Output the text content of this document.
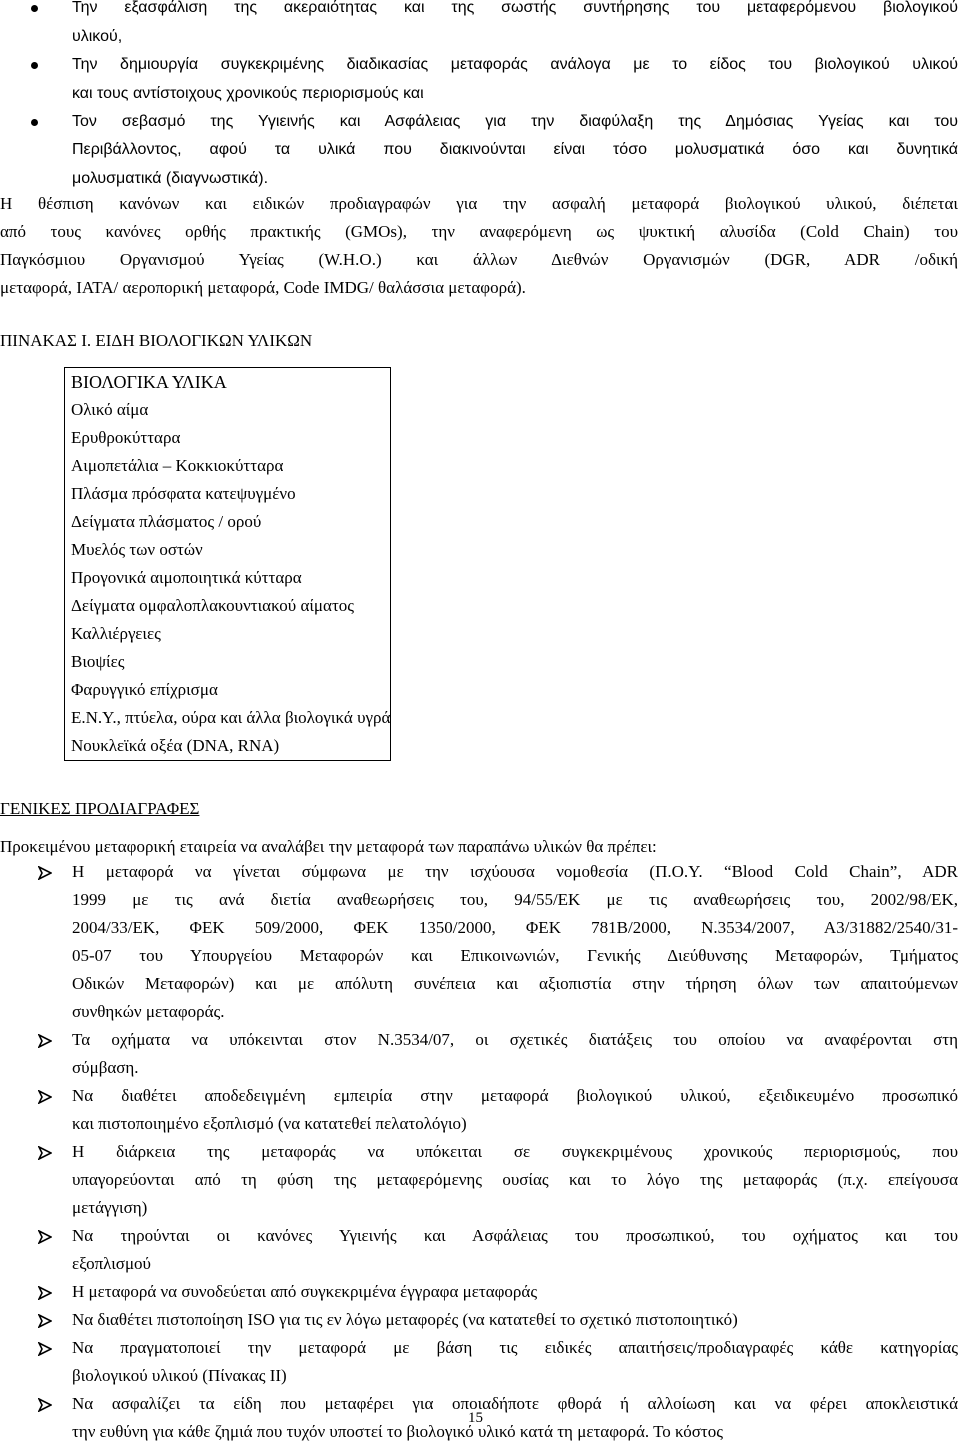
Την εξασφάλιση της ακεραιότητας και της σωστής συντήρησης του μεταφερόμενου βιολογικού
υλικού,
Την δημιουργία συγκεκριμένης διαδικασίας μεταφοράς ανάλογα με το είδος του βιολογικού υλικού
και τους αντίστοιχους χρονικούς περιορισμούς και
Τον σεβασμό της Υγιεινής και Ασφάλειας για την διαφύλαξη της Δημόσιας Υγείας και του
Περιβάλλοντος, αφού τα υλικά που διακινούνται είναι τόσο μολυσματικά όσο και δυνητικά
μολυσματικά (διαγνωστικά).

Η θέσπιση κανόνων και ειδικών προδιαγραφών για την ασφαλή μεταφορά βιολογικού υλικού, διέπεται
από τους κανόνες ορθής πρακτικής (GMOs), την αναφερόμενη ως ψυκτική αλυσίδα (Cold Chain) του
Παγκόσμιου Οργανισμού Υγείας (W.H.O.) και άλλων Διεθνών Οργανισμών (DGR, ADR /οδική
μεταφορά, IATA/ αεροπορική μεταφορά, Code IMDG/ θαλάσσια μεταφορά).

ΠΙΝΑΚΑΣ Ι. ΕΙΔΗ ΒΙΟΛΟΓΙΚΩΝ ΥΛΙΚΩΝ

ΒΙΟΛΟΓΙΚΑ ΥΛΙΚΑ
Ολικό αίμα
Ερυθροκύτταρα
Αιμοπετάλια – Κοκκιοκύτταρα
Πλάσμα πρόσφατα κατεψυγμένο
Δείγματα πλάσματος / ορού
Μυελός των οστών
Προγονικά αιμοποιητικά κύτταρα
Δείγματα ομφαλοπλακουντιακού αίματος
Καλλιέργειες
Βιοψίες
Φαρυγγικό επίχρισμα
Ε.Ν.Υ., πτύελα, ούρα και άλλα βιολογικά υγρά
Νουκλεϊκά οξέα (DNA, RNA)

ΓΕΝΙΚΕΣ ΠΡΟΔΙΑΓΡΑΦΕΣ

Προκειμένου μεταφορική εταιρεία να αναλάβει την μεταφορά των παραπάνω υλικών θα πρέπει:

Η μεταφορά να γίνεται σύμφωνα με την ισχύουσα νομοθεσία (Π.Ο.Υ. “Blood Cold Chain”, ADR
1999 με τις ανά διετία αναθεωρήσεις του, 94/55/ΕΚ με τις αναθεωρήσεις του, 2002/98/ΕΚ,
2004/33/ΕΚ, ΦΕΚ 509/2000, ΦΕΚ 1350/2000, ΦΕΚ 781Β/2000, Ν.3534/2007, Α3/31882/2540/31-
05-07 του Υπουργείου Μεταφορών και Επικοινωνιών, Γενικής Διεύθυνσης Μεταφορών, Τμήματος
Οδικών Μεταφορών) και με απόλυτη συνέπεια και αξιοπιστία στην τήρηση όλων των απαιτούμενων
συνθηκών μεταφοράς.
Τα οχήματα να υπόκεινται στον Ν.3534/07, οι σχετικές διατάξεις του οποίου να αναφέρονται στη
σύμβαση.
Να διαθέτει αποδεδειγμένη εμπειρία στην μεταφορά βιολογικού υλικού, εξειδικευμένο προσωπικό
και πιστοποιημένο εξοπλισμό (να κατατεθεί πελατολόγιο)
Η διάρκεια της μεταφοράς να υπόκειται σε συγκεκριμένους χρονικούς περιορισμούς, που
υπαγορεύονται από τη φύση της μεταφερόμενης ουσίας και το λόγο της μεταφοράς (π.χ. επείγουσα
μετάγγιση)
Να τηρούνται οι κανόνες Υγιεινής και Ασφάλειας του προσωπικού, του οχήματος και του
εξοπλισμού
Η μεταφορά να συνοδεύεται από συγκεκριμένα έγγραφα μεταφοράς
Να διαθέτει πιστοποίηση ISO για τις εν λόγω μεταφορές (να κατατεθεί το σχετικό πιστοποιητικό)
Να πραγματοποιεί την μεταφορά με βάση τις ειδικές απαιτήσεις/προδιαγραφές κάθε κατηγορίας
βιολογικού υλικού (Πίνακας ΙΙ)
Να ασφαλίζει τα είδη που μεταφέρει για οποιαδήποτε φθορά ή αλλοίωση και να φέρει αποκλειστικά
την ευθύνη για κάθε ζημιά που τυχόν υποστεί το βιολογικό υλικό κατά τη μεταφορά. Το κόστος
15
